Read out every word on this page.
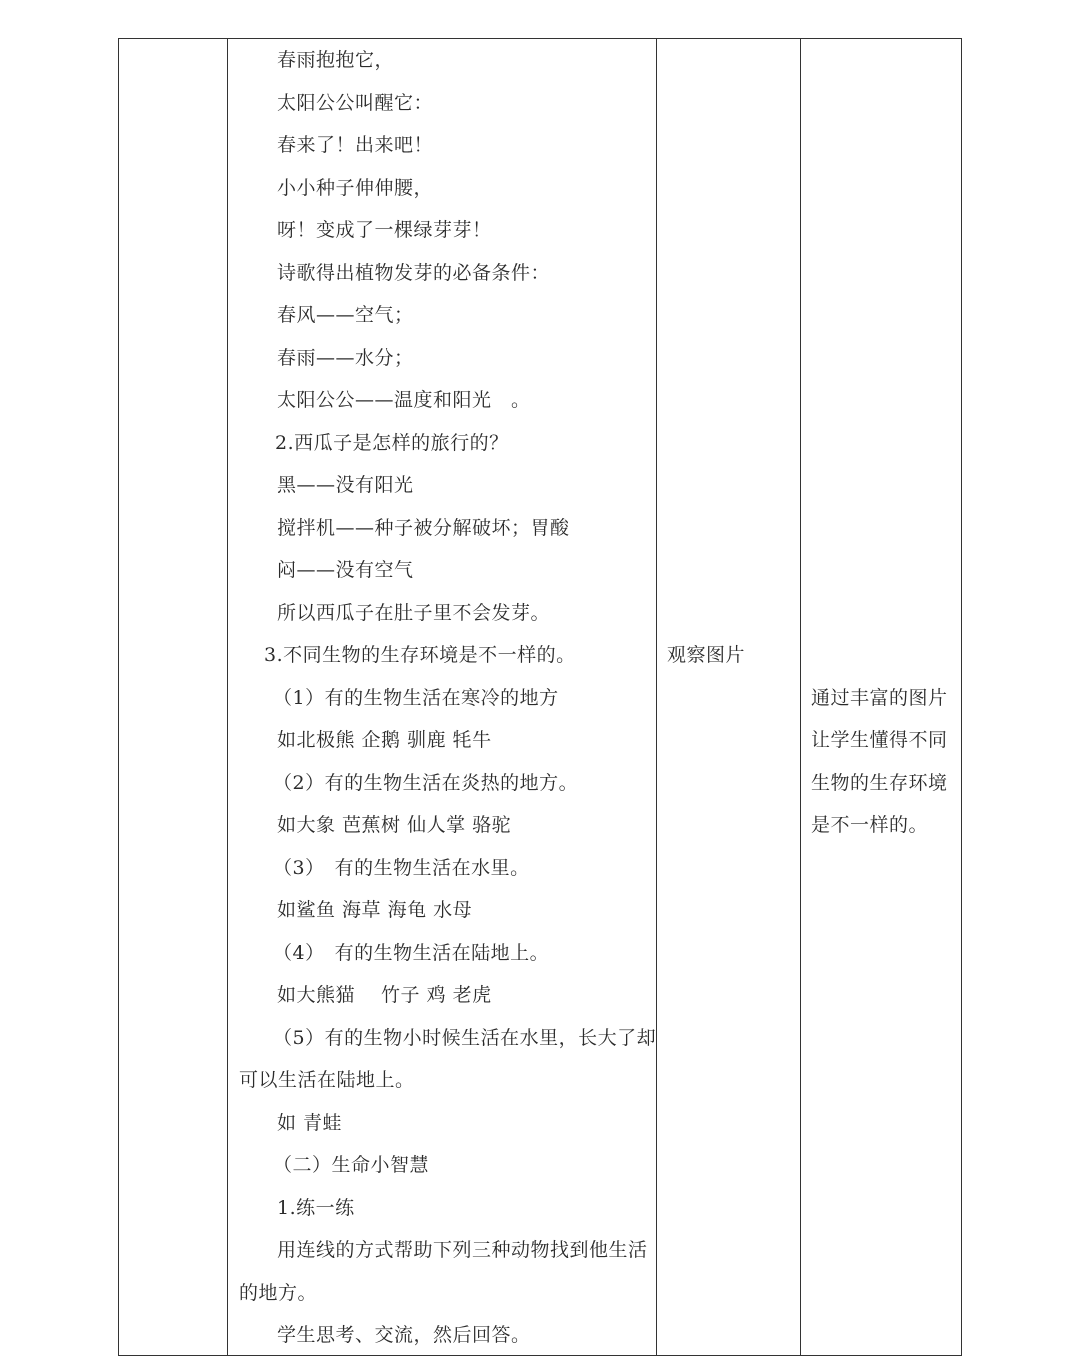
春雨抱抱它，
太阳公公叫醒它：
春来了！出来吧！
小小种子伸伸腰，
呀！变成了一棵绿芽芽！
诗歌得出植物发芽的必备条件：
春风——空气；
春雨——水分；
太阳公公——温度和阳光　。
2.西瓜子是怎样的旅行的？
黑——没有阳光
搅拌机——种子被分解破坏；胃酸
闷——没有空气
所以西瓜子在肚子里不会发芽。
3.不同生物的生存环境是不一样的。
（1）有的生物生活在寒冷的地方
如北极熊 企鹅 驯鹿 牦牛
（2）有的生物生活在炎热的地方。
如大象 芭蕉树 仙人掌 骆驼
（3）　有的生物生活在水里。
如鲨鱼 海草 海龟 水母
（4）　有的生物生活在陆地上。
如大熊猫　 竹子 鸡 老虎
（5）有的生物小时候生活在水里，长大了却
可以生活在陆地上。
如 青蛙
（二）生命小智慧
1.练一练
用连线的方式帮助下列三种动物找到他生活
的地方。
学生思考、交流，然后回答。
观察图片
通过丰富的图片
让学生懂得不同
生物的生存环境
是不一样的。
